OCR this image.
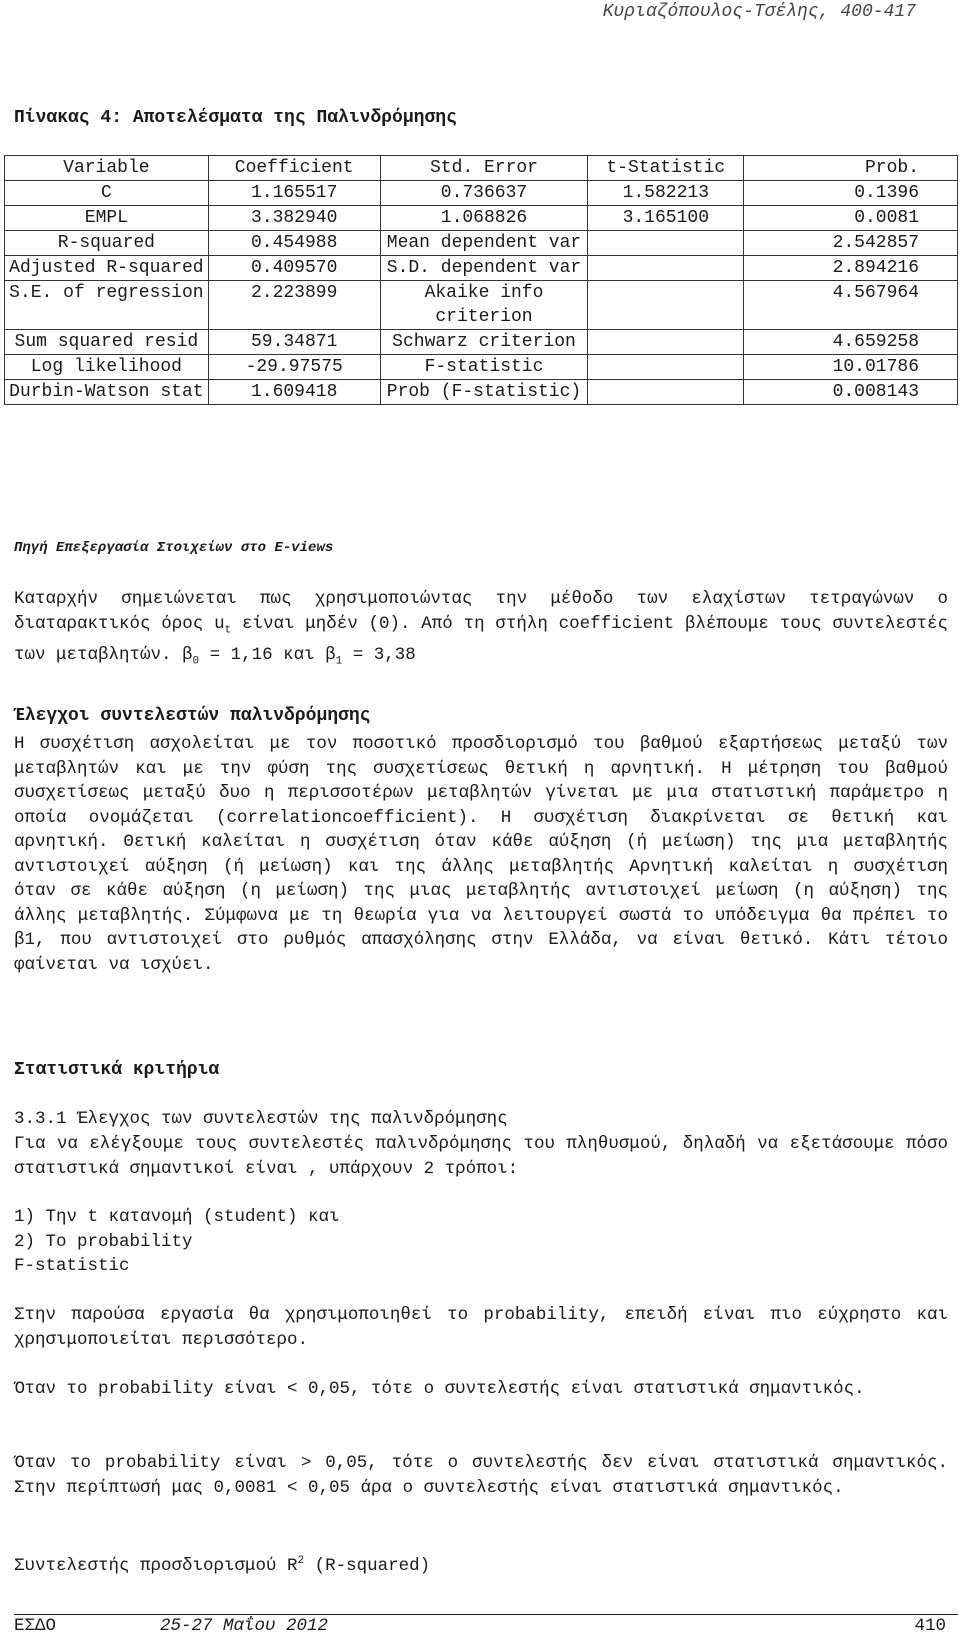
Κυριαζόπουλος-Τσέλης, 400-417
Πίνακας 4: Αποτελέσματα της Παλινδρόμησης
Variable	Coefficient	Std. Error	t-Statistic	Prob.
C	1.165517	0.736637	1.582213	0.1396
EMPL	3.382940	1.068826	3.165100	0.0081
R-squared	0.454988	Mean dependent var		2.542857
Adjusted R-squared	0.409570	S.D. dependent var		2.894216
S.E. of regression	2.223899	Akaike info criterion		4.567964
Sum squared resid	59.34871	Schwarz criterion		4.659258
Log likelihood	-29.97575	F-statistic		10.01786
Durbin-Watson stat	1.609418	Prob (F-statistic)		0.008143
Πηγή Επεξεργασία Στοιχείων στο E-views

Καταρχήν σημειώνεται πως χρησιμοποιώντας την μέθοδο των ελαχίστων τετραγώνων ο διαταρακτικός όρος $u_t$ είναι μηδέν (0). Από τη στήλη coefficient βλέπουμε τους συντελεστές των μεταβλητών. $\beta_0 = 1,16$ και $\beta_1 = 3,38$

Έλεγχοι συντελεστών παλινδρόμησης
Η συσχέτιση ασχολείται με τον ποσοτικό προσδιορισμό του βαθμού εξαρτήσεως μεταξύ των μεταβλητών και με την φύση της συσχετίσεως θετική η αρνητική. Η μέτρηση του βαθμού συσχετίσεως μεταξύ δυο η περισσοτέρων μεταβλητών γίνεται με μια στατιστική παράμετρο η οποία ονομάζεται (correlationcoefficient). Η συσχέτιση διακρίνεται σε θετική και αρνητική. Θετική καλείται η συσχέτιση όταν κάθε αύξηση (ή μείωση) της μια μεταβλητής αντιστοιχεί αύξηση (ή μείωση) και της άλλης μεταβλητής Αρνητική καλείται η συσχέτιση όταν σε κάθε αύξηση (η μείωση) της μιας μεταβλητής αντιστοιχεί μείωση (η αύξηση) της άλλης μεταβλητής. Σύμφωνα με τη θεωρία για να λειτουργεί σωστά το υπόδειγμα θα πρέπει το β1, που αντιστοιχεί στο ρυθμός απασχόλησης στην Ελλάδα, να είναι θετικό. Κάτι τέτοιο φαίνεται να ισχύει.
Στατιστικά κριτήρια
3.3.1 Έλεγχος των συντελεστών της παλινδρόμησης
Για να ελέγξουμε τους συντελεστές παλινδρόμησης του πληθυσμού, δηλαδή να εξετάσουμε πόσο στατιστικά σημαντικοί είναι , υπάρχουν 2 τρόποι:
1) Την t κατανομή (student) και
2) Το probability
F-statistic
Στην παρούσα εργασία θα χρησιμοποιηθεί το probability, επειδή είναι πιο εύχρηστο και χρησιμοποιείται περισσότερο.
Όταν το probability είναι < 0,05, τότε ο συντελεστής είναι στατιστικά σημαντικός.
Όταν το probability είναι > 0,05, τότε ο συντελεστής δεν είναι στατιστικά σημαντικός. Στην περίπτωσή μας 0,0081 < 0,05 άρα ο συντελεστής είναι στατιστικά σημαντικός.
Συντελεστής προσδιορισμού $R^2$ (R-squared)
ΕΣΔΟ	25-27 Μαΐου 2012	410
